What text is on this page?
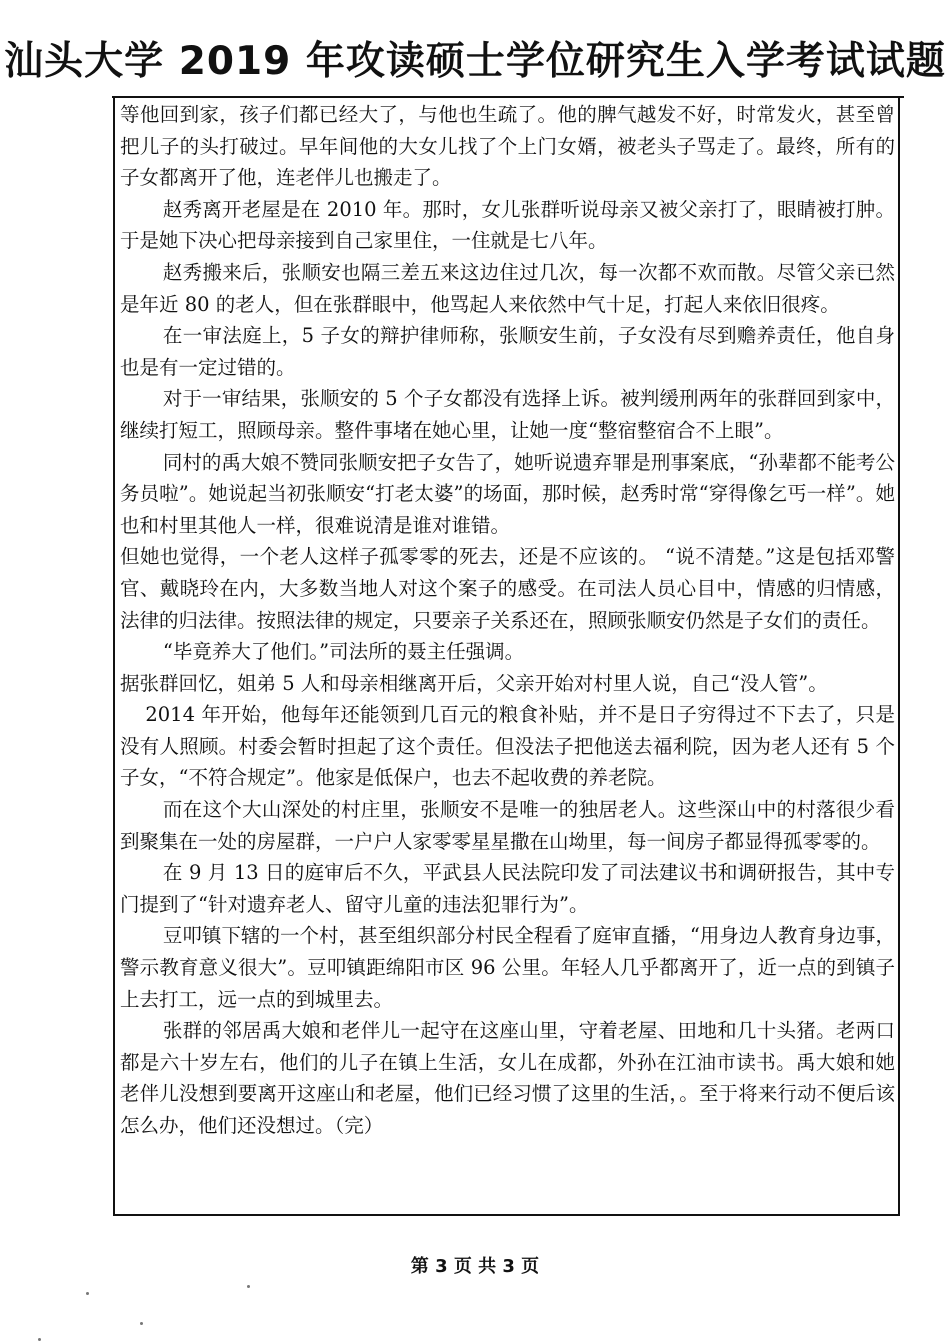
汕头大学 2019 年攻读硕士学位研究生入学考试试题

等他回到家，孩子们都已经大了，与他也生疏了。他的脾气越发不好，时常发火，甚至曾把儿子的头打破过。早年间他的大女儿找了个上门女婿，被老头子骂走了。最终，所有的子女都离开了他，连老伴儿也搬走了。

赵秀离开老屋是在 2010 年。那时，女儿张群听说母亲又被父亲打了，眼睛被打肿。于是她下决心把母亲接到自己家里住，一住就是七八年。

赵秀搬来后，张顺安也隔三差五来这边住过几次，每一次都不欢而散。尽管父亲已然是年近 80 的老人，但在张群眼中，他骂起人来依然中气十足，打起人来依旧很疼。

在一审法庭上，5 子女的辩护律师称，张顺安生前，子女没有尽到赡养责任，他自身也是有一定过错的。

对于一审结果，张顺安的 5 个子女都没有选择上诉。被判缓刑两年的张群回到家中，继续打短工，照顾母亲。整件事堵在她心里，让她一度“整宿整宿合不上眼”。

同村的禹大娘不赞同张顺安把子女告了，她听说遗弃罪是刑事案底，“孙辈都不能考公务员啦”。她说起当初张顺安“打老太婆”的场面，那时候，赵秀时常“穿得像乞丐一样”。她也和村里其他人一样，很难说清是谁对谁错。

但她也觉得，一个老人这样子孤零零的死去，还是不应该的。 “说不清楚。”这是包括邓警官、戴晓玲在内，大多数当地人对这个案子的感受。在司法人员心目中，情感的归情感，法律的归法律。按照法律的规定，只要亲子关系还在，照顾张顺安仍然是子女们的责任。

“毕竟养大了他们。”司法所的聂主任强调。

据张群回忆，姐弟 5 人和母亲相继离开后，父亲开始对村里人说，自己“没人管”。

2014 年开始，他每年还能领到几百元的粮食补贴，并不是日子穷得过不下去了，只是没有人照顾。村委会暂时担起了这个责任。但没法子把他送去福利院，因为老人还有 5 个子女，“不符合规定”。他家是低保户，也去不起收费的养老院。

而在这个大山深处的村庄里，张顺安不是唯一的独居老人。这些深山中的村落很少看到聚集在一处的房屋群，一户户人家零零星星撒在山坳里，每一间房子都显得孤零零的。

在 9 月 13 日的庭审后不久，平武县人民法院印发了司法建议书和调研报告，其中专门提到了“针对遗弃老人、留守儿童的违法犯罪行为”。

豆叩镇下辖的一个村，甚至组织部分村民全程看了庭审直播，“用身边人教育身边事，警示教育意义很大”。豆叩镇距绵阳市区 96 公里。年轻人几乎都离开了，近一点的到镇子上去打工，远一点的到城里去。

张群的邻居禹大娘和老伴儿一起守在这座山里，守着老屋、田地和几十头猪。老两口都是六十岁左右，他们的儿子在镇上生活，女儿在成都，外孙在江油市读书。禹大娘和她老伴儿没想到要离开这座山和老屋，他们已经习惯了这里的生活，。至于将来行动不便后该怎么办，他们还没想过。（完）

第 3 页 共 3 页
